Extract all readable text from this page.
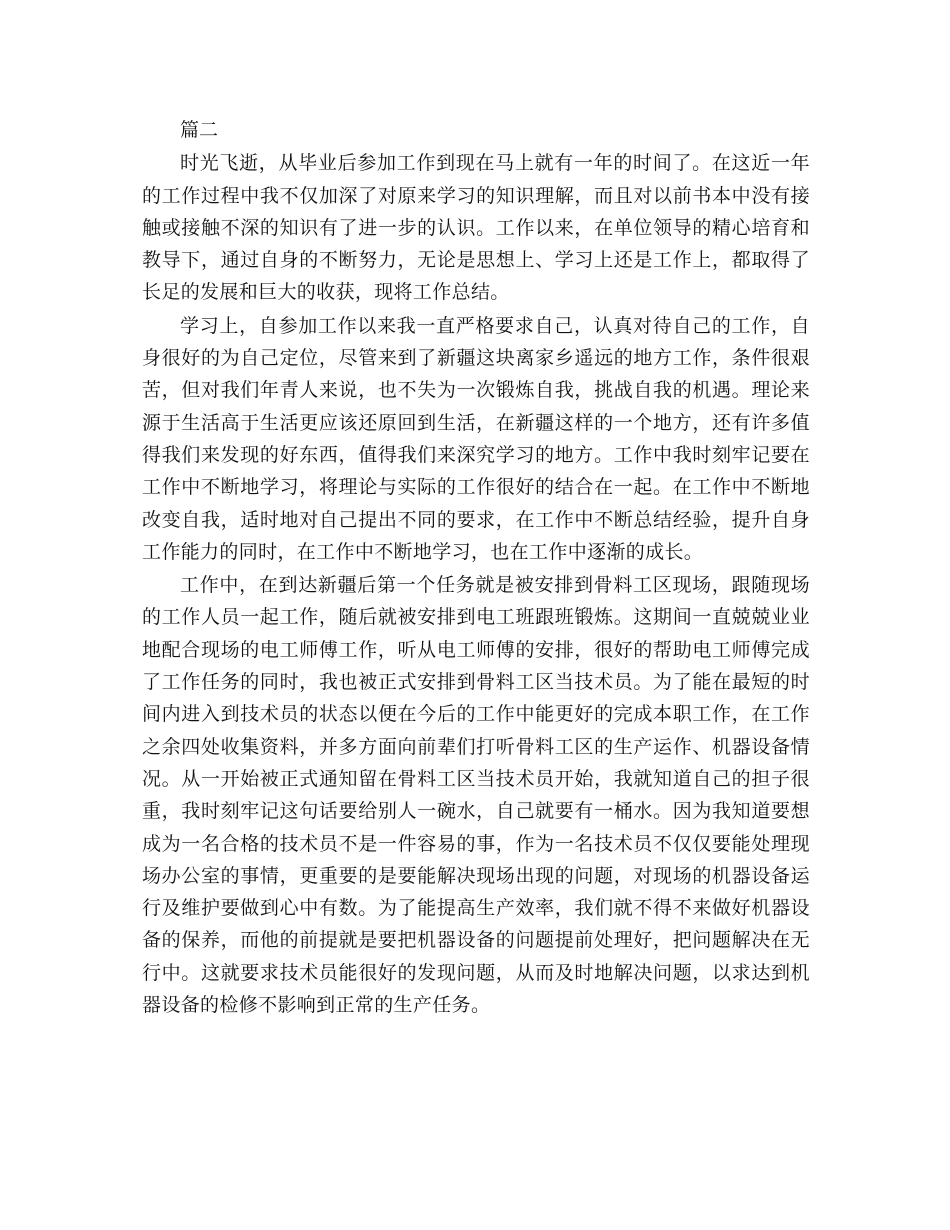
篇二

时光飞逝，从毕业后参加工作到现在马上就有一年的时间了。在这近一年的工作过程中我不仅加深了对原来学习的知识理解，而且对以前书本中没有接触或接触不深的知识有了进一步的认识。工作以来，在单位领导的精心培育和教导下，通过自身的不断努力，无论是思想上、学习上还是工作上，都取得了长足的发展和巨大的收获，现将工作总结。

学习上，自参加工作以来我一直严格要求自己，认真对待自己的工作，自身很好的为自己定位，尽管来到了新疆这块离家乡遥远的地方工作，条件很艰苦，但对我们年青人来说，也不失为一次锻炼自我，挑战自我的机遇。理论来源于生活高于生活更应该还原回到生活，在新疆这样的一个地方，还有许多值得我们来发现的好东西，值得我们来深究学习的地方。工作中我时刻牢记要在工作中不断地学习，将理论与实际的工作很好的结合在一起。在工作中不断地改变自我，适时地对自己提出不同的要求，在工作中不断总结经验，提升自身工作能力的同时，在工作中不断地学习，也在工作中逐渐的成长。

工作中，在到达新疆后第一个任务就是被安排到骨料工区现场，跟随现场的工作人员一起工作，随后就被安排到电工班跟班锻炼。这期间一直兢兢业业地配合现场的电工师傅工作，听从电工师傅的安排，很好的帮助电工师傅完成了工作任务的同时，我也被正式安排到骨料工区当技术员。为了能在最短的时间内进入到技术员的状态以便在今后的工作中能更好的完成本职工作，在工作之余四处收集资料，并多方面向前辈们打听骨料工区的生产运作、机器设备情况。从一开始被正式通知留在骨料工区当技术员开始，我就知道自己的担子很重，我时刻牢记这句话要给别人一碗水，自己就要有一桶水。因为我知道要想成为一名合格的技术员不是一件容易的事，作为一名技术员不仅仅要能处理现场办公室的事情，更重要的是要能解决现场出现的问题，对现场的机器设备运行及维护要做到心中有数。为了能提高生产效率，我们就不得不来做好机器设备的保养，而他的前提就是要把机器设备的问题提前处理好，把问题解决在无行中。这就要求技术员能很好的发现问题，从而及时地解决问题，以求达到机器设备的检修不影响到正常的生产任务。
